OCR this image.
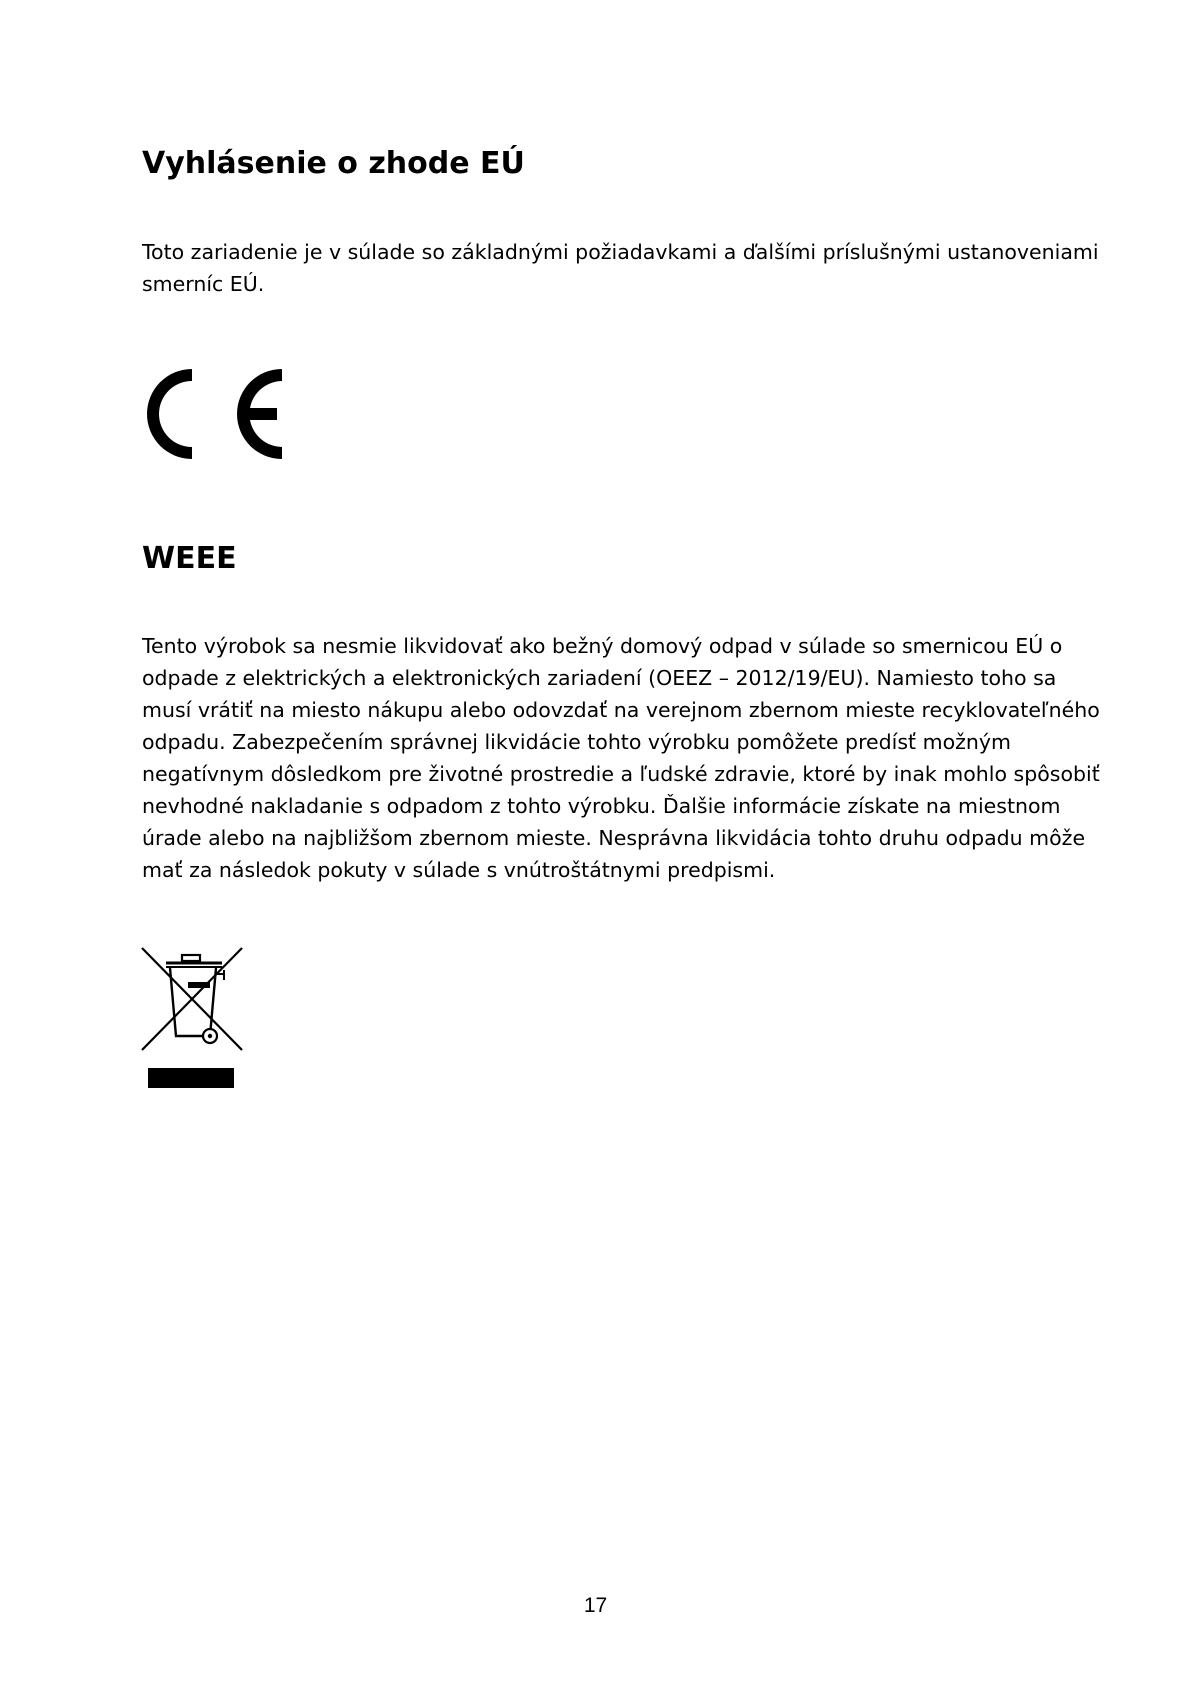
Vyhlásenie o zhode EÚ

Toto zariadenie je v súlade so základnými požiadavkami a ďalšími príslušnými ustanoveniami
smerníc EÚ.

WEEE

Tento výrobok sa nesmie likvidovať ako bežný domový odpad v súlade so smernicou EÚ o
odpade z elektrických a elektronických zariadení (OEEZ – 2012/19/EU). Namiesto toho sa
musí vrátiť na miesto nákupu alebo odovzdať na verejnom zbernom mieste recyklovateľného
odpadu. Zabezpečením správnej likvidácie tohto výrobku pomôžete predísť možným
negatívnym dôsledkom pre životné prostredie a ľudské zdravie, ktoré by inak mohlo spôsobiť
nevhodné nakladanie s odpadom z tohto výrobku. Ďalšie informácie získate na miestnom
úrade alebo na najbližšom zbernom mieste. Nesprávna likvidácia tohto druhu odpadu môže
mať za následok pokuty v súlade s vnútroštátnymi predpismi.

17
